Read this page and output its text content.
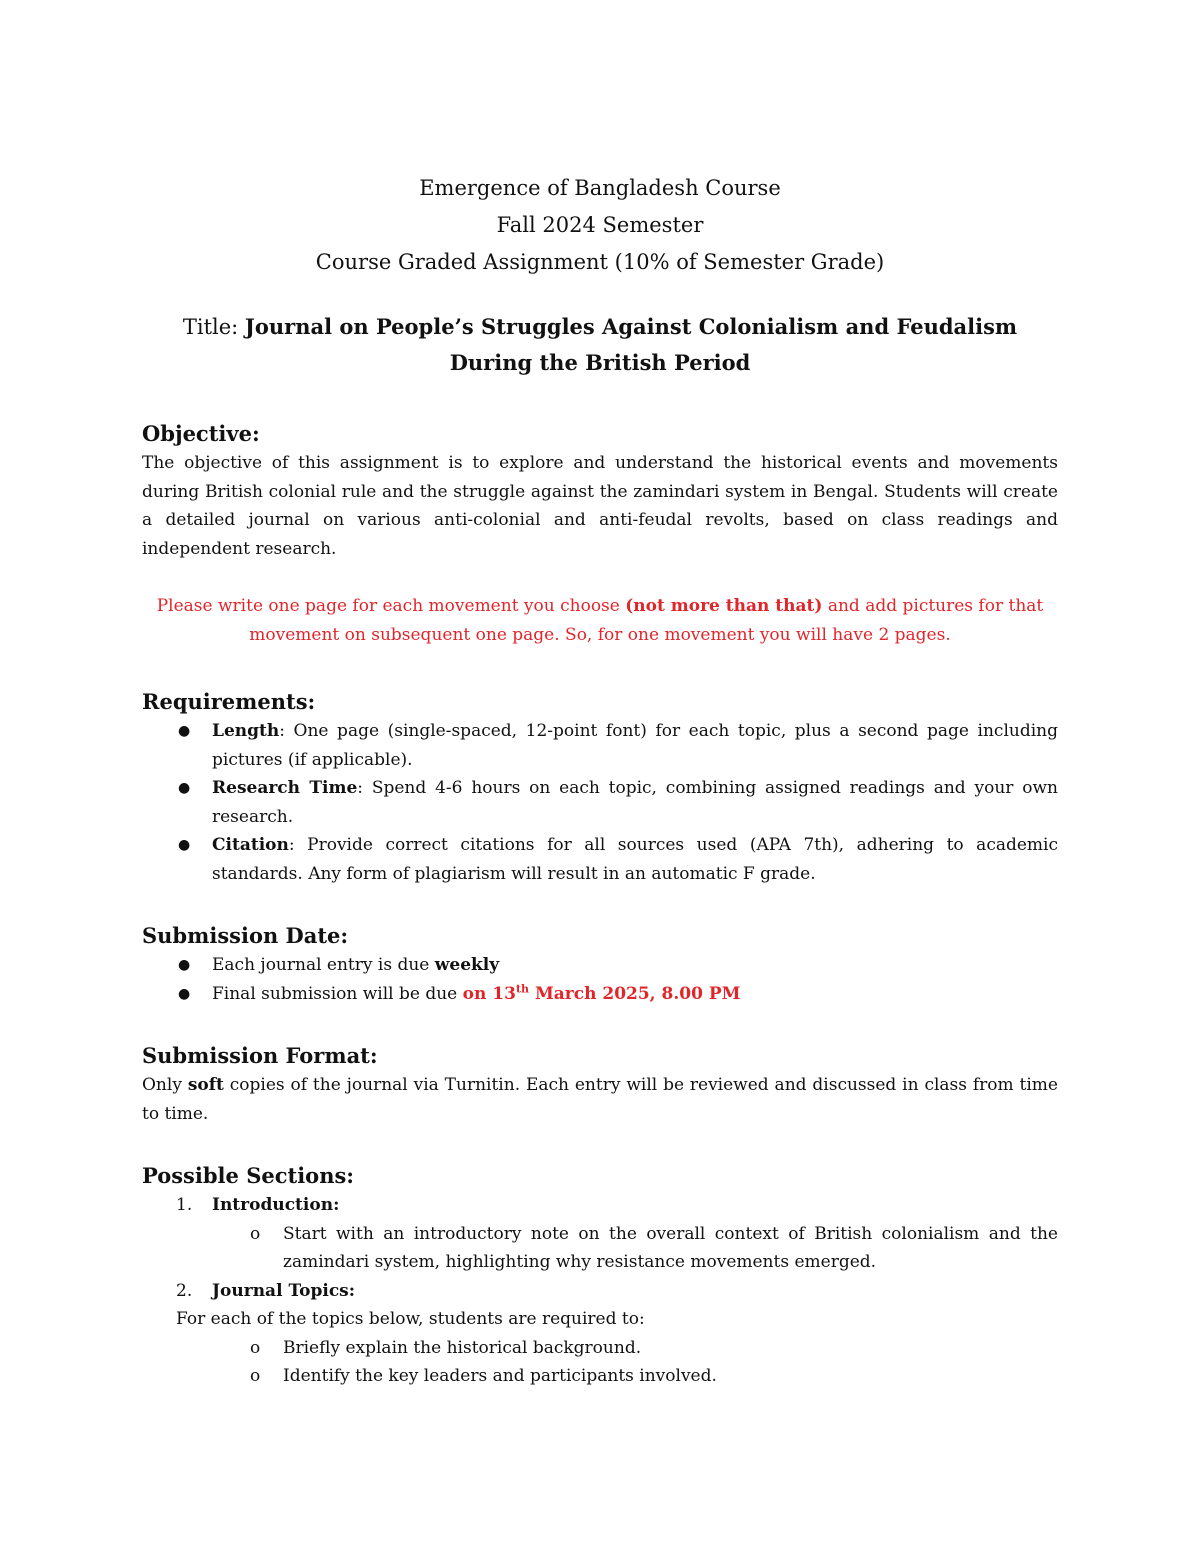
Emergence of Bangladesh Course
Fall 2024 Semester
Course Graded Assignment (10% of Semester Grade)
Title: Journal on People’s Struggles Against Colonialism and Feudalism
During the British Period
Objective:

The objective of this assignment is to explore and understand the historical events and movements during British colonial rule and the struggle against the zamindari system in Bengal. Students will create a detailed journal on various anti-colonial and anti-feudal revolts, based on class readings and independent research.

Please write one page for each movement you choose (not more than that) and add pictures for that movement on subsequent one page. So, for one movement you will have 2 pages.

Requirements:
● Length: One page (single-spaced, 12-point font) for each topic, plus a second page including pictures (if applicable).
● Research Time: Spend 4-6 hours on each topic, combining assigned readings and your own research.
● Citation: Provide correct citations for all sources used (APA 7th), adhering to academic standards. Any form of plagiarism will result in an automatic F grade.
Submission Date:
● Each journal entry is due weekly
● Final submission will be due on 13th March 2025, 8.00 PM
Submission Format:

Only soft copies of the journal via Turnitin. Each entry will be reviewed and discussed in class from time to time.

Possible Sections:
1. Introduction:
o Start with an introductory note on the overall context of British colonialism and the zamindari system, highlighting why resistance movements emerged.
2. Journal Topics:
For each of the topics below, students are required to:
o Briefly explain the historical background.
o Identify the key leaders and participants involved.
